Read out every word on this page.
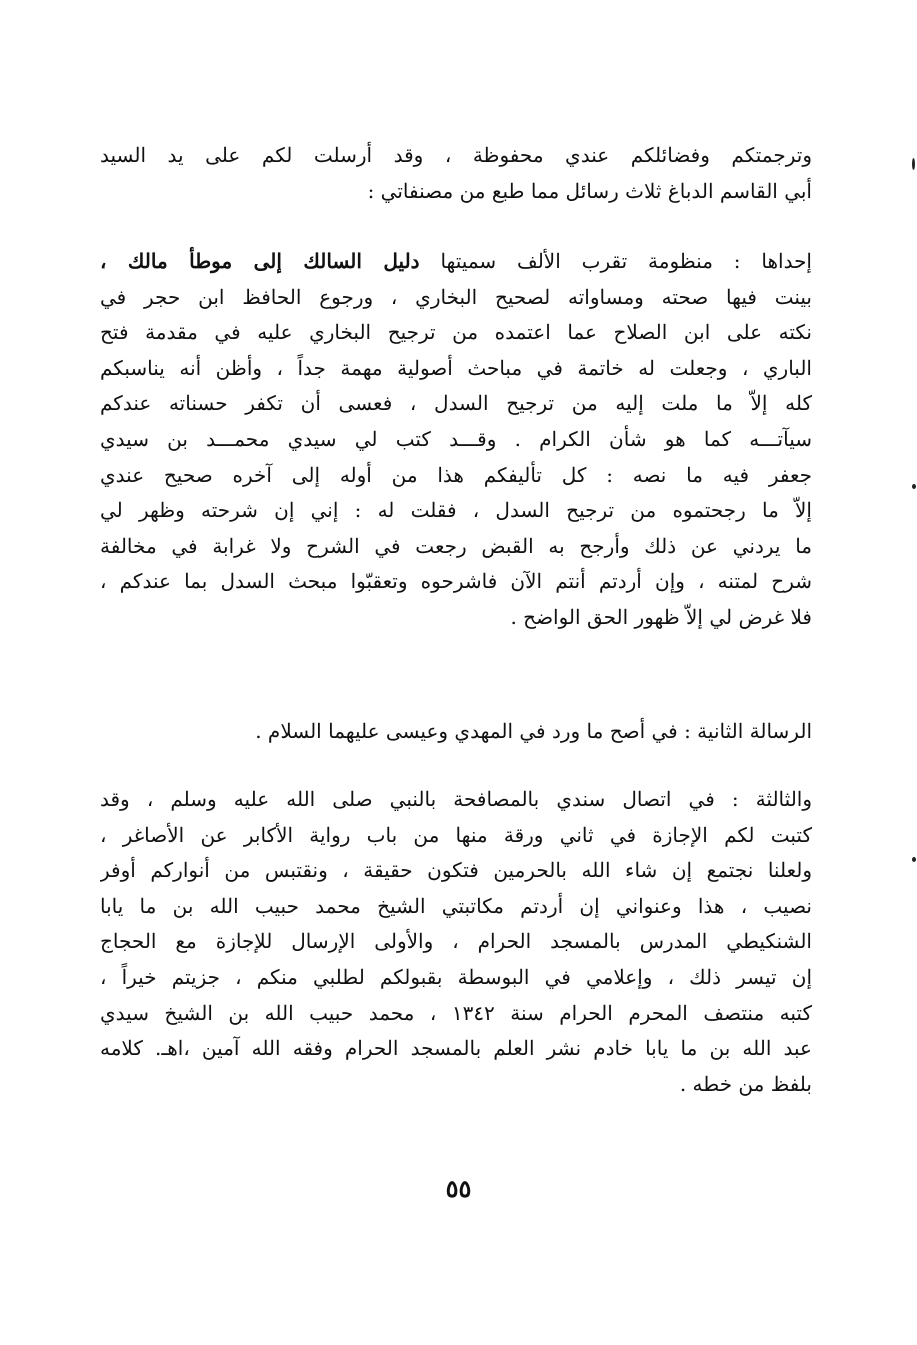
وترجمتكم وفضائلكم عندي محفوظة ، وقد أرسلت لكم على يد السيد
أبي القاسم الدباغ ثلاث رسائل مما طبع من مصنفاتي :
إحداها : منظومة تقرب الألف سميتها دليل السالك إلى موطأ مالك ،
بينت فيها صحته ومساواته لصحيح البخاري ، ورجوع الحافظ ابن حجر في
نكته على ابن الصلاح عما اعتمده من ترجيح البخاري عليه في مقدمة فتح
الباري ، وجعلت له خاتمة في مباحث أصولية مهمة جداً ، وأظن أنه يناسبكم
كله إلاّ ما ملت إليه من ترجيح السدل ، فعسى أن تكفر حسناته عندكم
سيآتـــه كما هو شأن الكرام . وقـــد كتب لي سيدي محمـــد بن سيدي
جعفر فيه ما نصه : كل تأليفكم هذا من أوله إلى آخره صحيح عندي
إلاّ ما رجحتموه من ترجيح السدل ، فقلت له : إني إن شرحته وظهر لي
ما يردني عن ذلك وأرجح به القبض رجعت في الشرح ولا غرابة في مخالفة
شرح لمتنه ، وإن أردتم أنتم الآن فاشرحوه وتعقبّوا مبحث السدل بما عندكم ،
فلا غرض لي إلاّ ظهور الحق الواضح .
الرسالة الثانية : في أصح ما ورد في المهدي وعيسى عليهما السلام .
والثالثة : في اتصال سندي بالمصافحة بالنبي صلى الله عليه وسلم ، وقد
كتبت لكم الإجازة في ثاني ورقة منها من باب رواية الأكابر عن الأصاغر ،
ولعلنا نجتمع إن شاء الله بالحرمين فتكون حقيقة ، ونقتبس من أنواركم أوفر
نصيب ، هذا وعنواني إن أردتم مكاتبتي الشيخ محمد حبيب الله بن ما يابا
الشنكيطي المدرس بالمسجد الحرام ، والأولى الإرسال للإجازة مع الحجاج
إن تيسر ذلك ، وإعلامي في البوسطة بقبولكم لطلبي منكم ، جزيتم خيراً ،
كتبه منتصف المحرم الحرام سنة ١٣٤٢ ، محمد حبيب الله بن الشيخ سيدي
عبد الله بن ما يابا خادم نشر العلم بالمسجد الحرام وفقه الله آمين ،اهـ. كلامه
بلفظ من خطه .
٥٥
